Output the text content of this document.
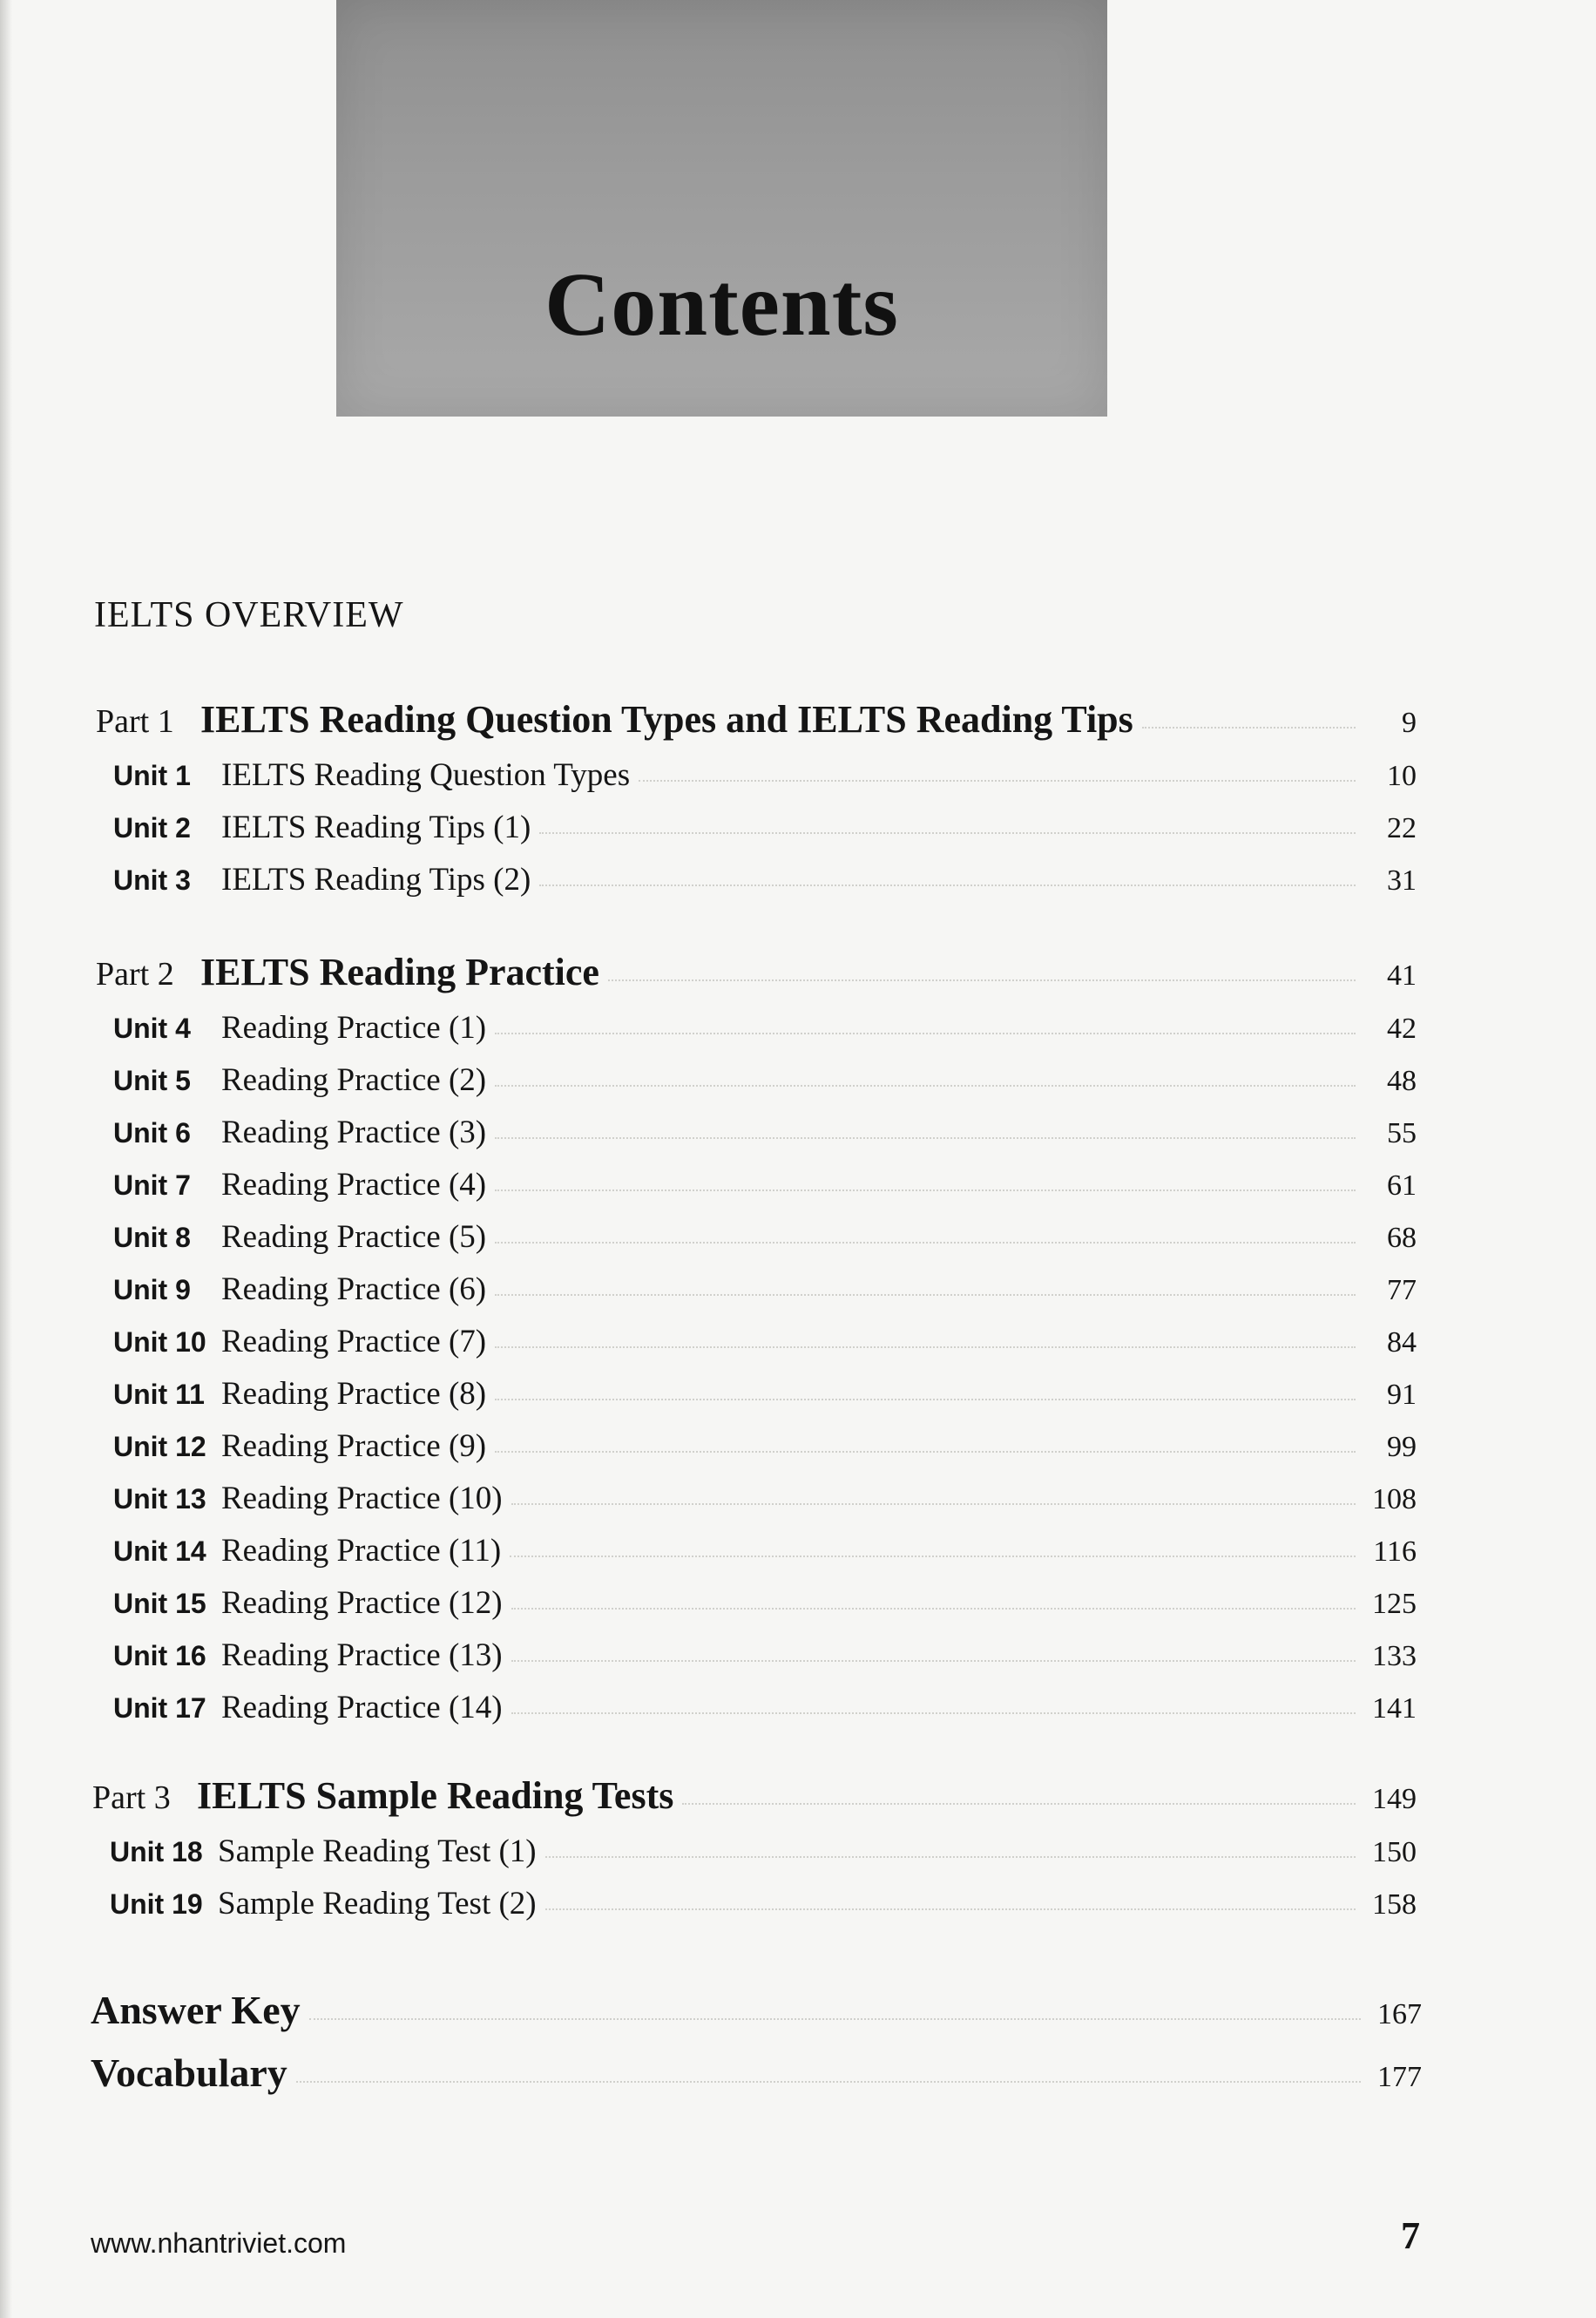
Contents
IELTS OVERVIEW
Part 1 IELTS Reading Question Types and IELTS Reading Tips	9
Unit 1 IELTS Reading Question Types	10
Unit 2 IELTS Reading Tips (1)	22
Unit 3 IELTS Reading Tips (2)	31
Part 2 IELTS Reading Practice	41
Unit 4 Reading Practice (1)	42
Unit 5 Reading Practice (2)	48
Unit 6 Reading Practice (3)	55
Unit 7 Reading Practice (4)	61
Unit 8 Reading Practice (5)	68
Unit 9 Reading Practice (6)	77
Unit 10 Reading Practice (7)	84
Unit 11 Reading Practice (8)	91
Unit 12 Reading Practice (9)	99
Unit 13 Reading Practice (10)	108
Unit 14 Reading Practice (11)	116
Unit 15 Reading Practice (12)	125
Unit 16 Reading Practice (13)	133
Unit 17 Reading Practice (14)	141
Part 3 IELTS Sample Reading Tests	149
Unit 18 Sample Reading Test (1)	150
Unit 19 Sample Reading Test (2)	158
Answer Key	167
Vocabulary	177
www.nhantriviet.com	7
